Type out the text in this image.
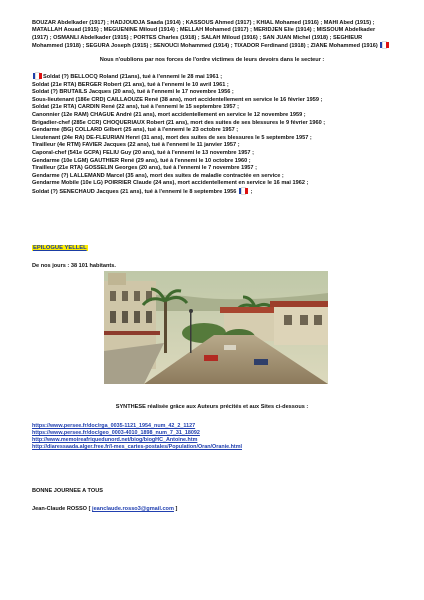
BOUZAR Abdelkader (1917) ; HADJOUDJA Saada (1914) ; KASSOUS Ahmed (1917) ; KHIAL Mohamed (1916) ; MAHI Abed (1915) ; MATALLAH Aouad (1915) ; MEGUENINE Miloud (1914) ; MELLAH Mohamed (1917) ; MERIDJEN Elie (1914) ; MISSOUM Abdelkader (1917) ; OSMANLI Abdelkader (1915) ; PORTES Charles (1918) ; SALAH Miloud (1916) ; SAN JUAN Michel (1918) ; SEGHIEUR Mohammed (1918) ; SEGURA Joseph (1915) ; SENOUCI Mohammed (1914) ; TIXADOR Ferdinand (1918) ; ZIANE Mohammed (1916)

Nous n'oublions par nos forces de l'ordre victimes de leurs devoirs dans le secteur :

Soldat (?) BELLOCQ Roland (21ans), tué à l'ennemi le 28 mai 1961 ;

Soldat (21e RTA) BERGER Robert (21 ans), tué à l'ennemi le 10 avril 1961 ;

Soldat (?) BRUTAILS Jacques (20 ans), tué à l'ennemi le 17 novembre 1956 ;

Sous-lieutenant (186e CRD) CAILLAOUZE René (38 ans), mort accidentellement en service le 16 février 1959 ;

Soldat (21e RTA) CARDIN René (22 ans), tué à l'ennemi le 15 septembre 1957 ;

Canonnier (12e RAM) CHAGUE André (21 ans), mort accidentellement en service le 12 novembre 1959 ;

Brigadier-chef (285e CCR) CHOQUERIAUX Robert (21 ans), mort des suites de ses blessures le 9 février 1960 ;

Gendarme (BG) COLLARD Gilbert (25 ans), tué à l'ennemi le 23 octobre 1957 ;

Lieutenant (24e RA) DE-FLEURIAN Henri (31 ans), mort des suites de ses blessures le 5 septembre 1957 ;

Tirailleur (4e RTM) FAVIER Jacques (22 ans), tué à l'ennemi le 11 janvier 1957 ;

Caporal-chef (541e GCPA) FELIU Guy (20 ans), tué à l'ennemi le 13 novembre 1957 ;

Gendarme (10e LGM) GAUTHIER René (29 ans), tué à l'ennemi le 10 octobre 1960 ;

Tirailleur (21e RTA) GOSSELIN Georges (20 ans), tué à l'ennemi le 7 novembre 1957 ;

Gendarme (?) LALLEMAND Marcel (35 ans), mort des suites de maladie contractée en service ;

Gendarme Mobile (10e LG) POIRRIER Claude (24 ans), mort accidentellement en service le 16 mai 1962 ;

Soldat (?) SENECHAUD Jacques (21 ans), tué à l'ennemi le 8 septembre 1956  ;

EPILOGUE YELLEL
De nos jours : 38 101 habitants.

SYNTHESE réalisée grâce aux Auteurs précités et aux Sites ci-dessous :

https://www.persee.fr/doc/rga_0035-1121_1954_num_42_2_1127
https://www.persee.fr/doc/geo_0003-4010_1898_num_7_31_18092
http://www.memoireafriquedunord.net/biog/biogHC_Antoine.htm
http://diaressaada.alger.free.fr/l-mes_cartes-postales/Population/Oran/Oranie.html
BONNE JOURNEE A TOUS
Jean-Claude ROSSO [ jeanclaude.rosso3@gmail.com ]
